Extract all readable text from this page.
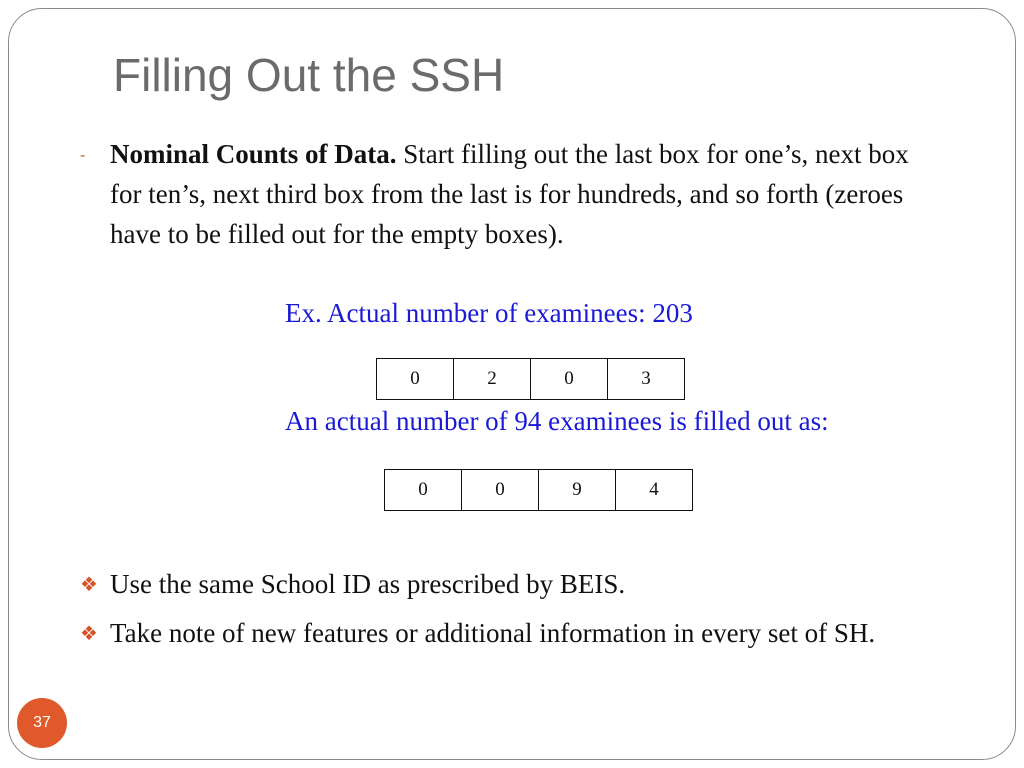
Filling Out the SSH
- Nominal Counts of Data. Start filling out the last box for one’s, next box for ten’s, next third box from the last is for hundreds, and so forth (zeroes have to be filled out for the empty boxes).
Ex. Actual number of examinees: 203
0	2	0	3
An actual number of 94 examinees is filled out as:
0	0	9	4
❖ Use the same School ID as prescribed by BEIS.
❖ Take note of new features or additional information in every set of SH.
37
